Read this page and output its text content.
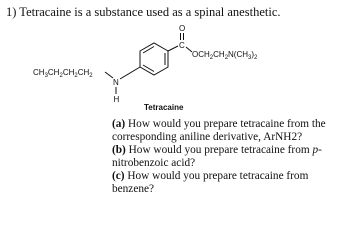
1) Tetracaine is a substance used as a spinal anesthetic.
O
C
$OCH_2CH_2N(CH_3)_2$
$CH_3CH_2CH_2CH_2$
N
H
Tetracaine

(a) How would you prepare tetracaine from the corresponding aniline derivative, ArNH2?

(b) How would you prepare tetracaine from p-nitrobenzoic acid?

(c) How would you prepare tetracaine from benzene?
